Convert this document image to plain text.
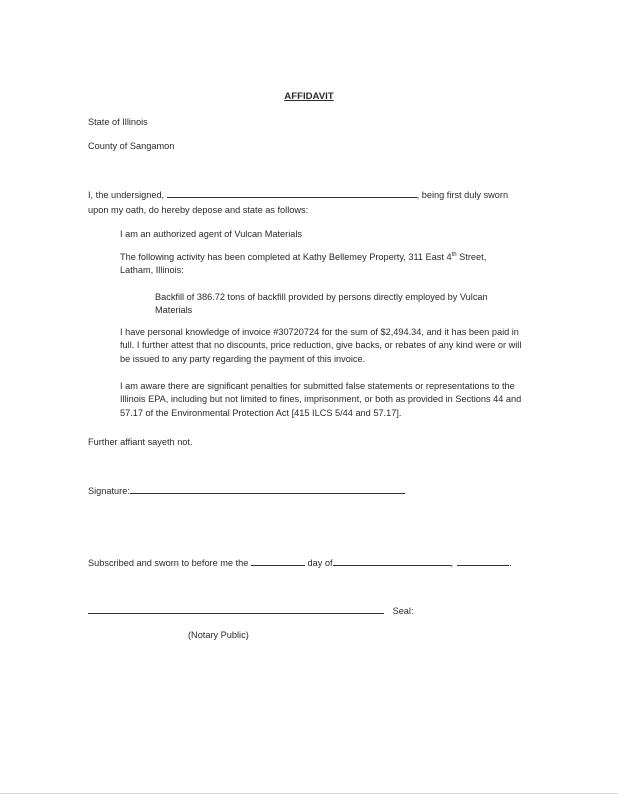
AFFIDAVIT
State of Illinois
County of Sangamon
I, the undersigned,	, being first duly sworn
upon my oath, do hereby depose and state as follows:
I am an authorized agent of Vulcan Materials
The following activity has been completed at Kathy Bellemey Property, 311 East 4th Street, Latham, Illinois:
Backfill of 386.72 tons of backfill provided by persons directly employed by Vulcan Materials
I have personal knowledge of invoice #30720724 for the sum of $2,494.34, and it has been paid in full. I further attest that no discounts, price reduction, give backs, or rebates of any kind were or will be issued to any party regarding the payment of this invoice.
I am aware there are significant penalties for submitted false statements or representations to the Illinois EPA, including but not limited to fines, imprisonment, or both as provided in Sections 44 and 57.17 of the Environmental Protection Act [415 ILCS 5/44 and 57.17].
Further affiant sayeth not.
Signature:
Subscribed and sworn to before me the	day of	,	.
Seal:
(Notary Public)
